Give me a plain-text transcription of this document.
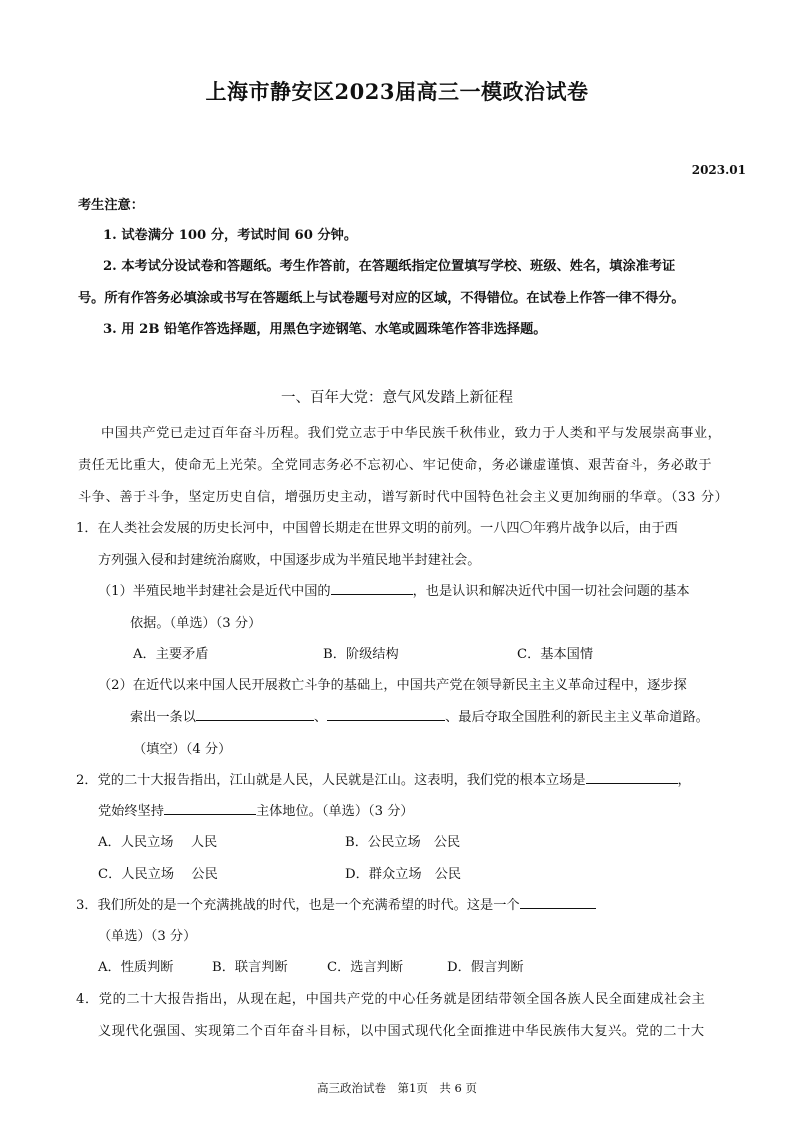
上海市静安区2023届高三一模政治试卷
2023.01
考生注意：
1. 试卷满分 100 分，考试时间 60 分钟。
2. 本考试分设试卷和答题纸。考生作答前，在答题纸指定位置填写学校、班级、姓名，填涂准考证
号。所有作答务必填涂或书写在答题纸上与试卷题号对应的区域，不得错位。在试卷上作答一律不得分。
3. 用 2B 铅笔作答选择题，用黑色字迹钢笔、水笔或圆珠笔作答非选择题。
一、百年大党：意气风发踏上新征程
中国共产党已走过百年奋斗历程。我们党立志于中华民族千秋伟业，致力于人类和平与发展崇高事业，
责任无比重大，使命无上光荣。全党同志务必不忘初心、牢记使命，务必谦虚谨慎、艰苦奋斗，务必敢于
斗争、善于斗争，坚定历史自信，增强历史主动，谱写新时代中国特色社会主义更加绚丽的华章。（33 分）
1．在人类社会发展的历史长河中，中国曾长期走在世界文明的前列。一八四〇年鸦片战争以后，由于西
方列强入侵和封建统治腐败，中国逐步成为半殖民地半封建社会。
（1）半殖民地半封建社会是近代中国的	，也是认识和解决近代中国一切社会问题的基本
依据。（单选）（3 分）
A．主要矛盾	B．阶级结构	C．基本国情
（2）在近代以来中国人民开展救亡斗争的基础上，中国共产党在领导新民主主义革命过程中，逐步探
索出一条以	、	、最后夺取全国胜利的新民主主义革命道路。
（填空）（4 分）
2．党的二十大报告指出，江山就是人民，人民就是江山。这表明，我们党的根本立场是	，
党始终坚持	主体地位。（单选）（3 分）
A．人民立场　 人民	B．公民立场　公民
C．人民立场　 公民	D．群众立场　公民
3．我们所处的是一个充满挑战的时代，也是一个充满希望的时代。这是一个
（单选）（3 分）
A．性质判断	B．联言判断	C．选言判断	D．假言判断
4．党的二十大报告指出，从现在起，中国共产党的中心任务就是团结带领全国各族人民全面建成社会主
义现代化强国、实现第二个百年奋斗目标，以中国式现代化全面推进中华民族伟大复兴。党的二十大
高三政治试卷　第1页　共 6 页
